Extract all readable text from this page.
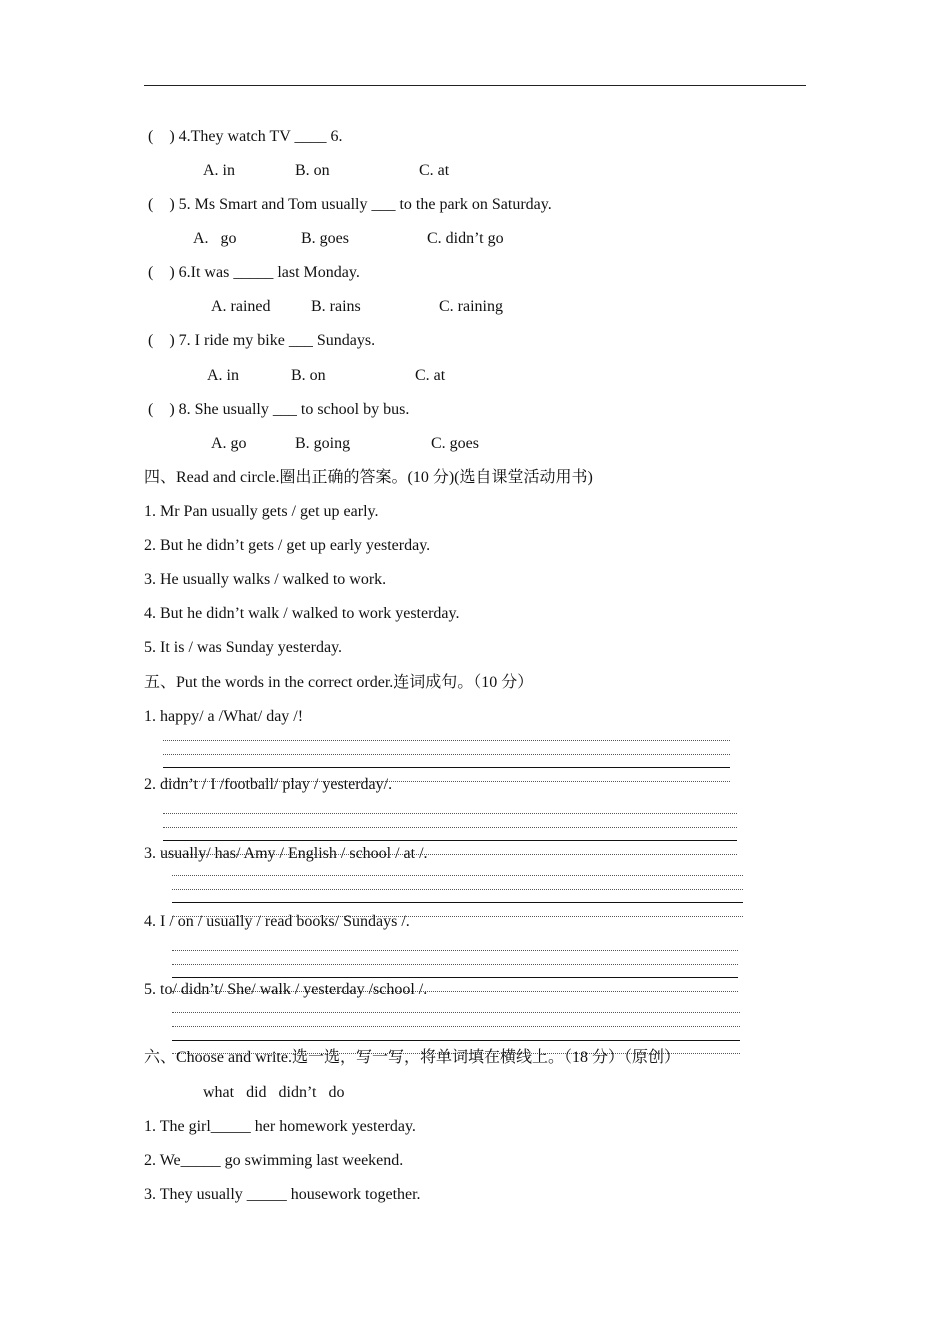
(    ) 4.They watch TV ____ 6.
A. in	B. on	C. at
(    ) 5. Ms Smart and Tom usually ___ to the park on Saturday.
A.   go	B. goes	C. didn’t go
(    ) 6.It was _____ last Monday.
A. rained	B. rains	C. raining
(    ) 7. I ride my bike ___ Sundays.
A. in	B. on	C. at
(    ) 8. She usually ___ to school by bus.
A. go	B. going	C. goes
四、Read and circle.圈出正确的答案。(10 分)(选自课堂活动用书)
1. Mr Pan usually gets / get up early.
2. But he didn’t gets / get up early yesterday.
3. He usually walks / walked to work.
4. But he didn’t walk / walked to work yesterday.
5. It is / was Sunday yesterday.
五、Put the words in the correct order.连词成句。（10 分）
1. happy/ a /What/ day /!
2. didn’t / I /football/ play / yesterday/.
3. usually/ has/ Amy / English / school / at /.
4. I / on / usually / read books/ Sundays /.
5. to/ didn’t/ She/ walk / yesterday /school /.
六、Choose and write.选一选，写一写，将单词填在横线上。（18 分）（原创）
what   did   didn’t   do
1. The girl_____ her homework yesterday.
2. We_____ go swimming last weekend.
3. They usually _____ housework together.
